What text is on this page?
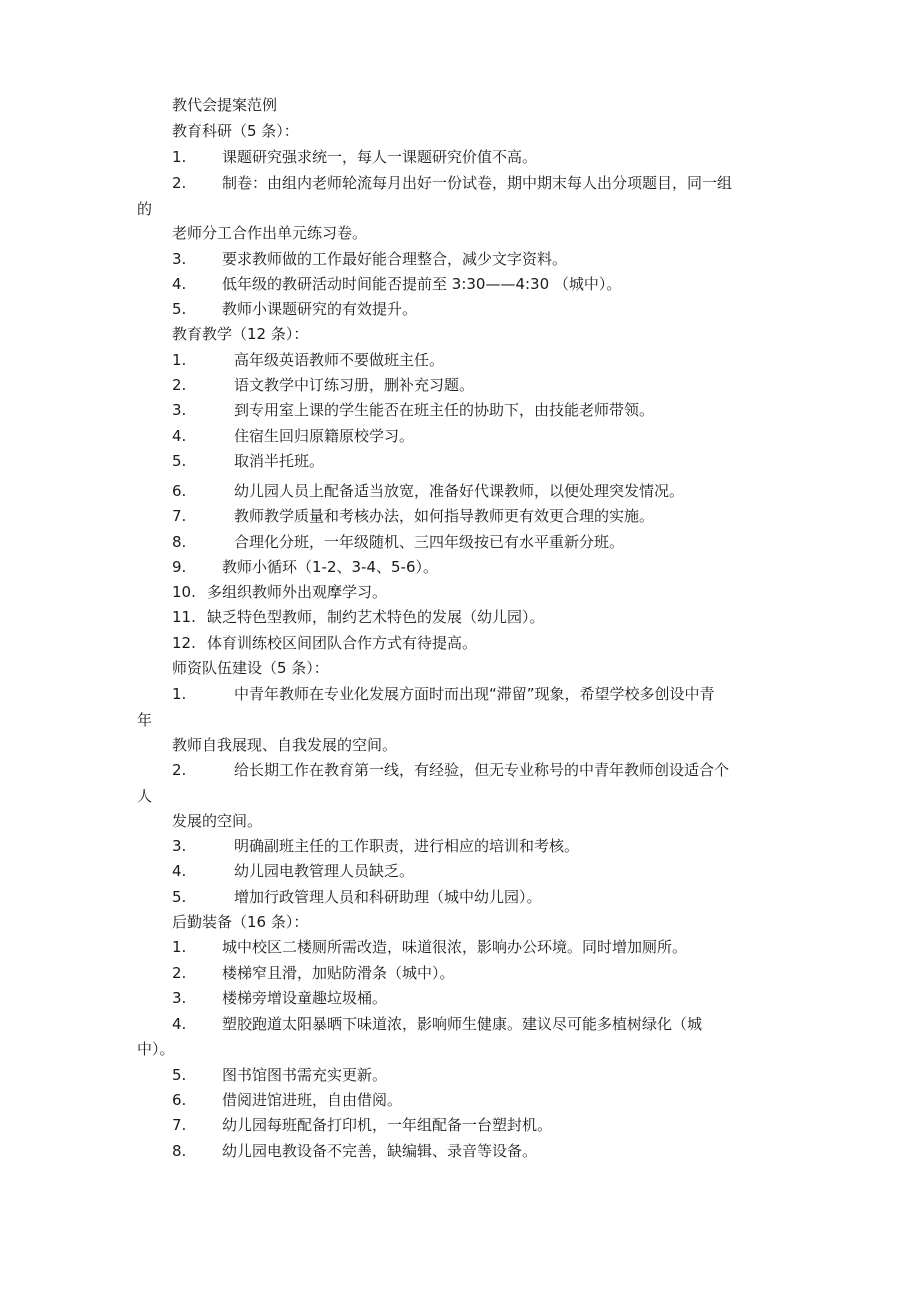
教代会提案范例
教育科研（5 条）：
1. 课题研究强求统一，每人一课题研究价值不高。
2. 制卷：由组内老师轮流每月出好一份试卷，期中期末每人出分项题目，同一组
的
老师分工合作出单元练习卷。
3. 要求教师做的工作最好能合理整合，减少文字资料。
4. 低年级的教研活动时间能否提前至 3:30——4:30 （城中）。
5. 教师小课题研究的有效提升。
教育教学（12 条）：
1.	高年级英语教师不要做班主任。
2.	语文教学中订练习册，删补充习题。
3.	到专用室上课的学生能否在班主任的协助下，由技能老师带领。
4.	住宿生回归原籍原校学习。
5.	取消半托班。
6.	幼儿园人员上配备适当放宽，准备好代课教师，以便处理突发情况。
7.	教师教学质量和考核办法，如何指导教师更有效更合理的实施。
8.	合理化分班，一年级随机、三四年级按已有水平重新分班。
9. 教师小循环（1-2、3-4、5-6）。
10. 多组织教师外出观摩学习。
11. 缺乏特色型教师，制约艺术特色的发展（幼儿园）。
12. 体育训练校区间团队合作方式有待提高。
师资队伍建设（5 条）：
1.	中青年教师在专业化发展方面时而出现“滞留”现象，希望学校多创设中青
年
教师自我展现、自我发展的空间。
2.	给长期工作在教育第一线，有经验，但无专业称号的中青年教师创设适合个
人
发展的空间。
3.	明确副班主任的工作职责，进行相应的培训和考核。
4.	幼儿园电教管理人员缺乏。
5.	增加行政管理人员和科研助理（城中幼儿园）。
后勤装备（16 条）：
1. 城中校区二楼厕所需改造，味道很浓，影响办公环境。同时增加厕所。
2. 楼梯窄且滑，加贴防滑条（城中）。
3. 楼梯旁增设童趣垃圾桶。
4. 塑胶跑道太阳暴晒下味道浓，影响师生健康。建议尽可能多植树绿化（城
中）。
5. 图书馆图书需充实更新。
6. 借阅进馆进班，自由借阅。
7. 幼儿园每班配备打印机，一年组配备一台塑封机。
8. 幼儿园电教设备不完善，缺编辑、录音等设备。
